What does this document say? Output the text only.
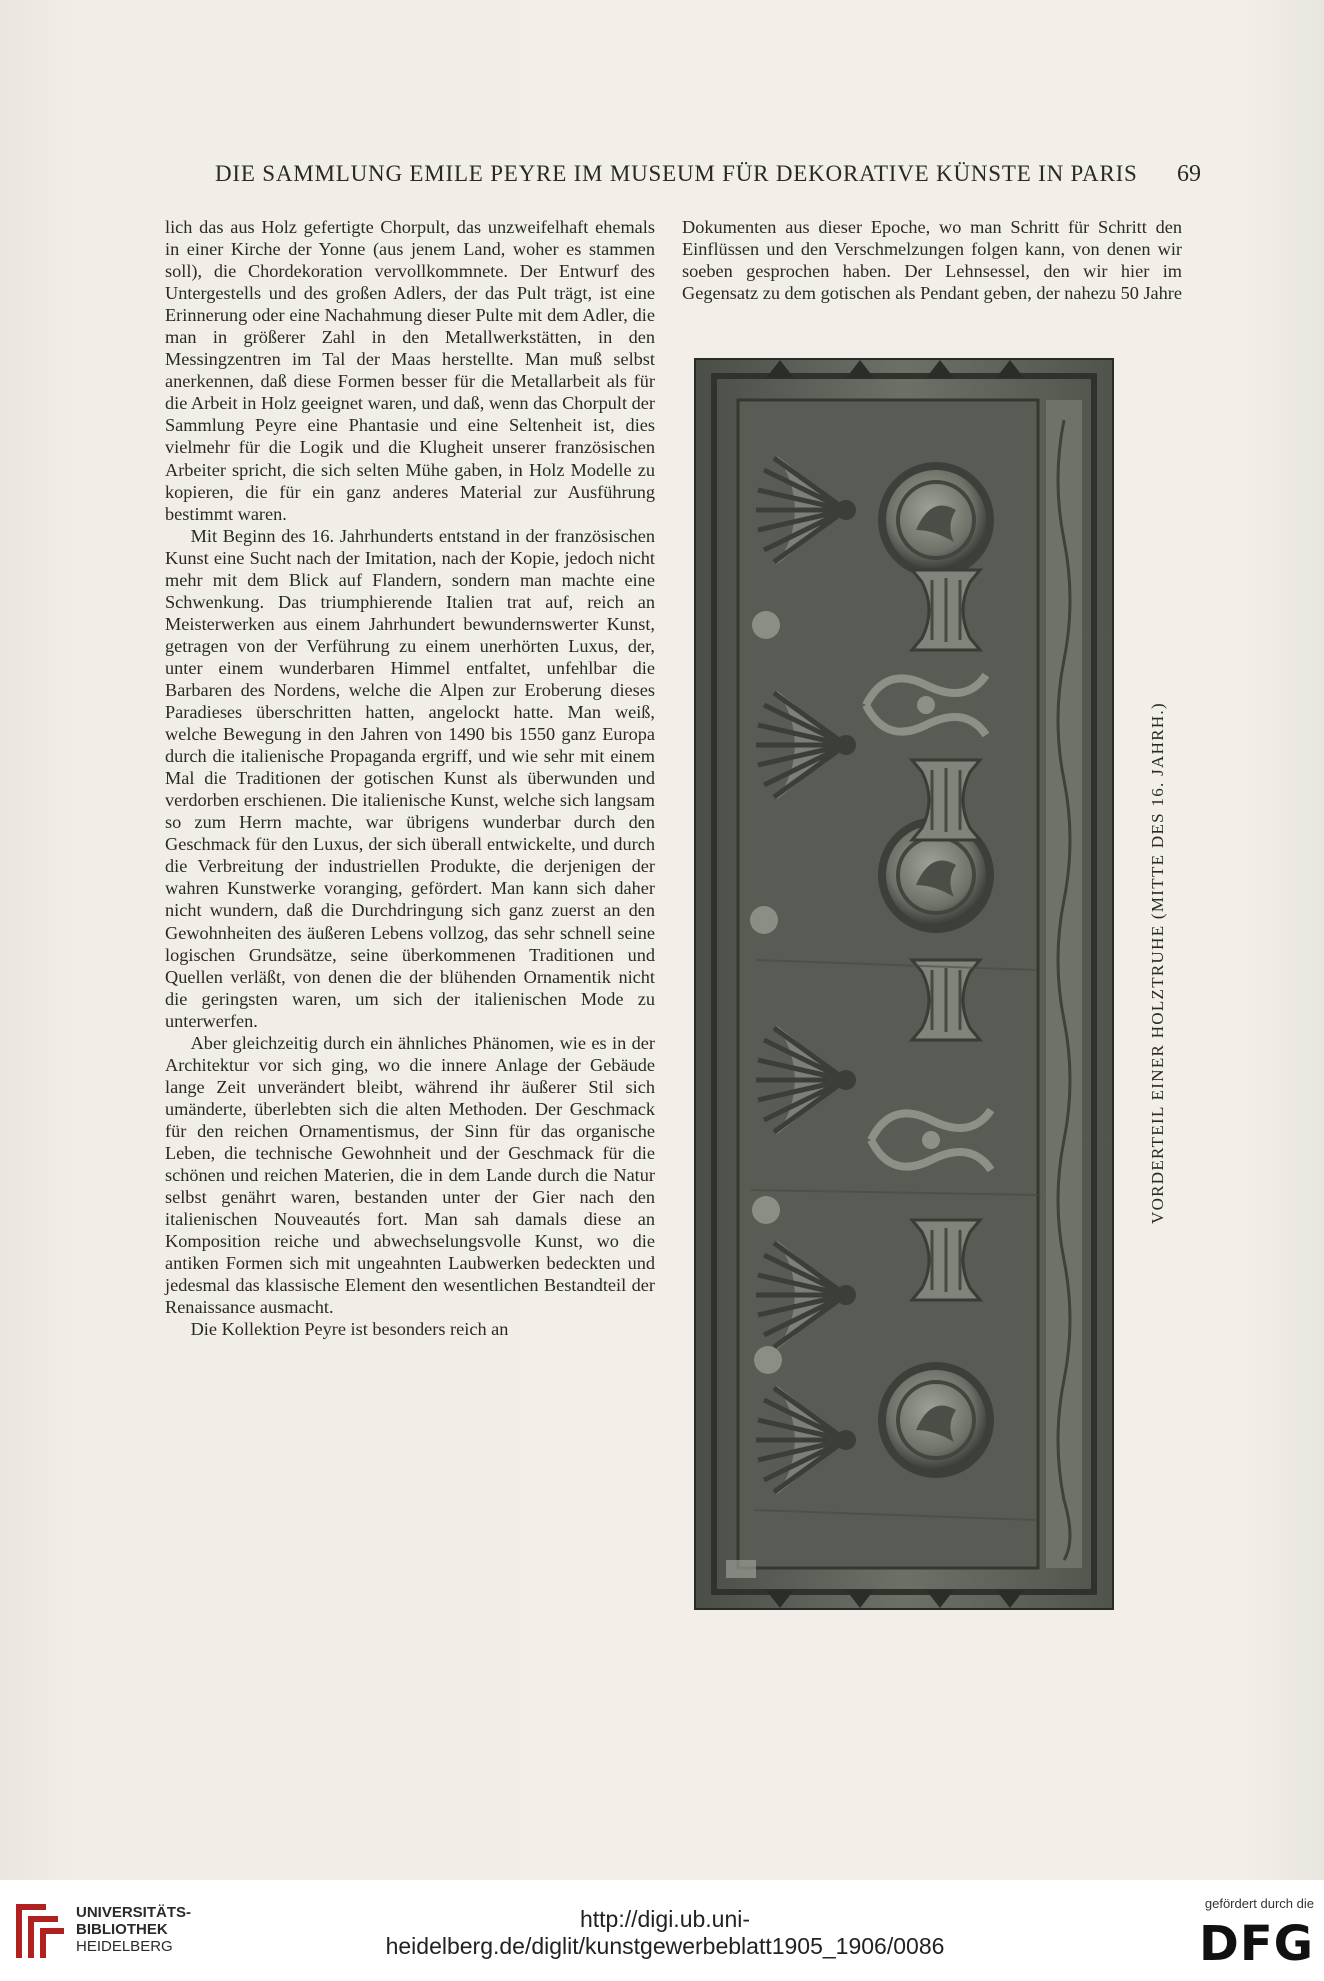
DIE SAMMLUNG EMILE PEYRE IM MUSEUM FÜR DEKORATIVE KÜNSTE IN PARIS	69

lich das aus Holz gefertigte Chorpult, das unzweifelhaft ehemals in einer Kirche der Yonne (aus jenem Land, woher es stammen soll), die Chordekoration vervollkommnete. Der Entwurf des Untergestells und des großen Adlers, der das Pult trägt, ist eine Erinnerung oder eine Nachahmung dieser Pulte mit dem Adler, die man in größerer Zahl in den Metallwerkstätten, in den Messingzentren im Tal der Maas herstellte. Man muß selbst anerkennen, daß diese Formen besser für die Metallarbeit als für die Arbeit in Holz geeignet waren, und daß, wenn das Chorpult der Sammlung Peyre eine Phantasie und eine Seltenheit ist, dies vielmehr für die Logik und die Klugheit unserer französischen Arbeiter spricht, die sich selten Mühe gaben, in Holz Modelle zu kopieren, die für ein ganz anderes Material zur Ausführung bestimmt waren.

Mit Beginn des 16. Jahrhunderts entstand in der französischen Kunst eine Sucht nach der Imitation, nach der Kopie, jedoch nicht mehr mit dem Blick auf Flandern, sondern man machte eine Schwenkung. Das triumphierende Italien trat auf, reich an Meisterwerken aus einem Jahrhundert bewundernswerter Kunst, getragen von der Verführung zu einem unerhörten Luxus, der, unter einem wunderbaren Himmel entfaltet, unfehlbar die Barbaren des Nordens, welche die Alpen zur Eroberung dieses Paradieses überschritten hatten, angelockt hatte. Man weiß, welche Bewegung in den Jahren von 1490 bis 1550 ganz Europa durch die italienische Propaganda ergriff, und wie sehr mit einem Mal die Traditionen der gotischen Kunst als überwunden und verdorben erschienen. Die italienische Kunst, welche sich langsam so zum Herrn machte, war übrigens wunderbar durch den Geschmack für den Luxus, der sich überall entwickelte, und durch die Verbreitung der industriellen Produkte, die derjenigen der wahren Kunstwerke voranging, gefördert. Man kann sich daher nicht wundern, daß die Durchdringung sich ganz zuerst an den Gewohnheiten des äußeren Lebens vollzog, das sehr schnell seine logischen Grundsätze, seine überkommenen Traditionen und Quellen verläßt, von denen die der blühenden Ornamentik nicht die geringsten waren, um sich der italienischen Mode zu unterwerfen.

Aber gleichzeitig durch ein ähnliches Phänomen, wie es in der Architektur vor sich ging, wo die innere Anlage der Gebäude lange Zeit unverändert bleibt, während ihr äußerer Stil sich umänderte, überlebten sich die alten Methoden. Der Geschmack für den reichen Ornamentismus, der Sinn für das organische Leben, die technische Gewohnheit und der Geschmack für die schönen und reichen Materien, die in dem Lande durch die Natur selbst genährt waren, bestanden unter der Gier nach den italienischen Nouveautés fort. Man sah damals diese an Komposition reiche und abwechselungsvolle Kunst, wo die antiken Formen sich mit ungeahnten Laubwerken bedeckten und jedesmal das klassische Element den wesentlichen Bestandteil der Renaissance ausmacht.

Die Kollektion Peyre ist besonders reich an

Dokumenten aus dieser Epoche, wo man Schritt für Schritt den Einflüssen und den Verschmelzungen folgen kann, von denen wir soeben gesprochen haben. Der Lehnsessel, den wir hier im Gegensatz zu dem gotischen als Pendant geben, der nahezu 50 Jahre

VORDERTEIL EINER HOLZTRUHE (MITTE DES 16. JAHRH.)
UNIVERSITÄTS-
BIBLIOTHEK
HEIDELBERG
http://digi.ub.uni-heidelberg.de/diglit/kunstgewerbeblatt1905_1906/0086
gefördert durch die
DFG
